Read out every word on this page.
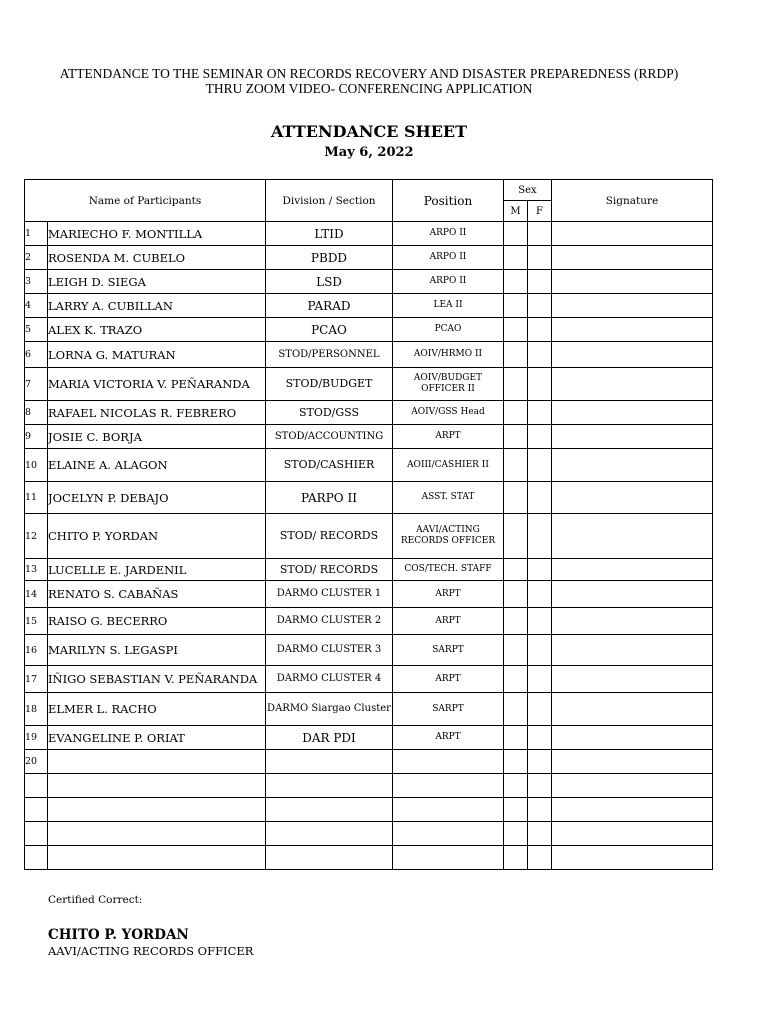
ATTENDANCE TO THE SEMINAR ON RECORDS RECOVERY AND DISASTER PREPAREDNESS (RRDP)
THRU ZOOM VIDEO- CONFERENCING APPLICATION
ATTENDANCE SHEET
May 6, 2022
Name of Participants		Division / Section	Position	Sex		Signature
				M	F	
1	MARIECHO F. MONTILLA	LTID	ARPO II			
2	ROSENDA M. CUBELO	PBDD	ARPO II			
3	LEIGH D. SIEGA	LSD	ARPO II			
4	LARRY A. CUBILLAN	PARAD	LEA II			
5	ALEX K. TRAZO	PCAO	PCAO			
6	LORNA G. MATURAN	STOD/PERSONNEL	AOIV/HRMO II			
7	MARIA VICTORIA V. PEÑARANDA	STOD/BUDGET	AOIV/BUDGET OFFICER II			
8	RAFAEL NICOLAS R. FEBRERO	STOD/GSS	AOIV/GSS Head			
9	JOSIE C. BORJA	STOD/ACCOUNTING	ARPT			
10	ELAINE A. ALAGON	STOD/CASHIER	AOIII/CASHIER II			
11	JOCELYN P. DEBAJO	PARPO II	ASST. STAT			
12	CHITO P. YORDAN	STOD/ RECORDS	AAVI/ACTING RECORDS OFFICER			
13	LUCELLE E. JARDENIL	STOD/ RECORDS	COS/TECH. STAFF			
14	RENATO S. CABAÑAS	DARMO CLUSTER 1	ARPT			
15	RAISO G. BECERRO	DARMO CLUSTER 2	ARPT			
16	MARILYN S. LEGASPI	DARMO CLUSTER 3	SARPT			
17	IÑIGO SEBASTIAN V. PEÑARANDA	DARMO CLUSTER 4	ARPT			
18	ELMER L. RACHO	DARMO Siargao Cluster	SARPT			
19	EVANGELINE P. ORIAT	DAR PDI	ARPT			
20						

Certified Correct:
CHITO P. YORDAN
AAVI/ACTING RECORDS OFFICER
